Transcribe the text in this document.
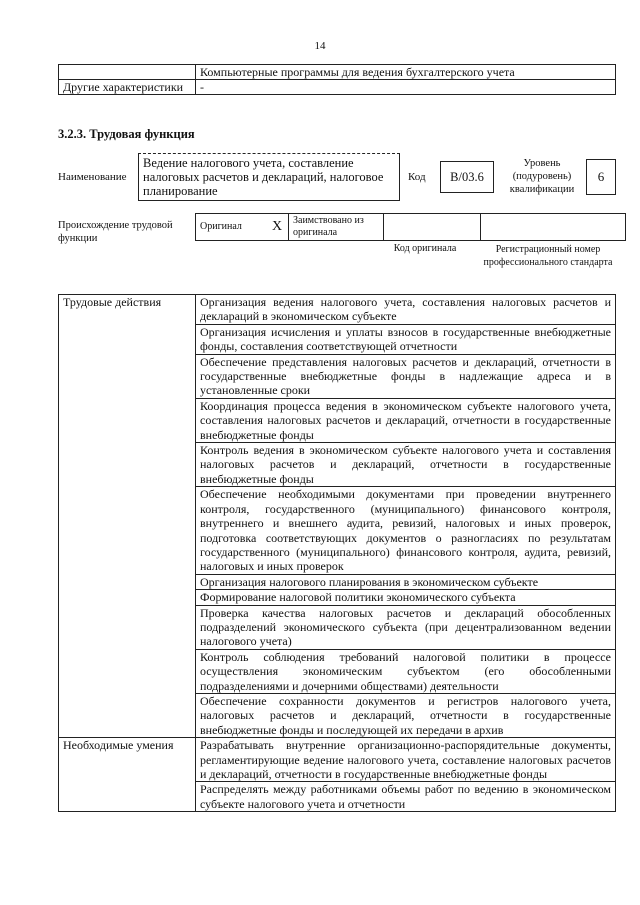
14
	Компьютерные программы для ведения бухгалтерского учета
Другие характеристики	-
3.2.3. Трудовая функция
Наименование
Ведение налогового учета, составление налоговых расчетов и деклараций, налоговое планирование
Код	B/03.6
Уровень (подуровень) квалификации
6
Происхождение трудовой функции
Оригинал	X	Заимствовано из оригинала		
Код оригинала	Регистрационный номер профессионального стандарта
Трудовые действия	Организация ведения налогового учета, составления налоговых расчетов и деклараций в экономическом субъекте
	Организация исчисления и уплаты взносов в государственные внебюджетные фонды, составления соответствующей отчетности
	Обеспечение представления налоговых расчетов и деклараций, отчетности в государственные внебюджетные фонды в надлежащие адреса и в установленные сроки
	Координация процесса ведения в экономическом субъекте налогового учета, составления налоговых расчетов и деклараций, отчетности в государственные внебюджетные фонды
	Контроль ведения в экономическом субъекте налогового учета и составления налоговых расчетов и деклараций, отчетности в государственные внебюджетные фонды
	Обеспечение необходимыми документами при проведении внутреннего контроля, государственного (муниципального) финансового контроля, внутреннего и внешнего аудита, ревизий, налоговых и иных проверок, подготовка соответствующих документов о разногласиях по результатам государственного (муниципального) финансового контроля, аудита, ревизий, налоговых и иных проверок
	Организация налогового планирования в экономическом субъекте
	Формирование налоговой политики экономического субъекта
	Проверка качества налоговых расчетов и деклараций обособленных подразделений экономического субъекта (при децентрализованном ведении налогового учета)
	Контроль соблюдения требований налоговой политики в процессе осуществления экономическим субъектом (его обособленными подразделениями и дочерними обществами) деятельности
	Обеспечение сохранности документов и регистров налогового учета, налоговых расчетов и деклараций, отчетности в государственные внебюджетные фонды и последующей их передачи в архив
Необходимые умения	Разрабатывать внутренние организационно-распорядительные документы, регламентирующие ведение налогового учета, составление налоговых расчетов и деклараций, отчетности в государственные внебюджетные фонды
	Распределять между работниками объемы работ по ведению в экономическом субъекте налогового учета и отчетности
